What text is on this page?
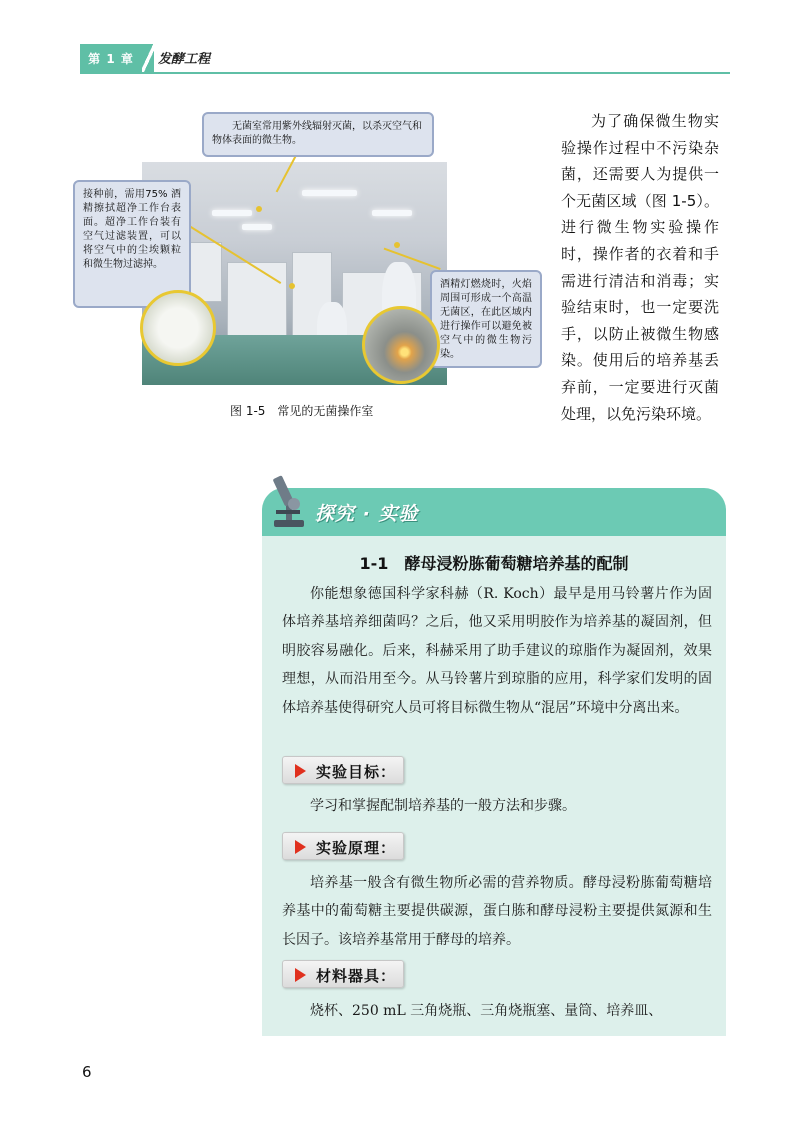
第 1 章	发酵工程
无菌室常用紫外线辐射灭菌，以杀灭空气和物体表面的微生物。
接种前，需用75% 酒精擦拭超净工作台表面。超净工作台装有空气过滤装置，可以将空气中的尘埃颗粒和微生物过滤掉。
酒精灯燃烧时，火焰周围可形成一个高温无菌区，在此区域内进行操作可以避免被空气中的微生物污染。
图 1-5　常见的无菌操作室
为了确保微生物实验操作过程中不污染杂菌，还需要人为提供一个无菌区域（图 1-5）。进行微生物实验操作时，操作者的衣着和手需进行清洁和消毒；实验结束时，也一定要洗手，以防止被微生物感染。使用后的培养基丢弃前，一定要进行灭菌处理，以免污染环境。
探究 · 实验
1-1　酵母浸粉胨葡萄糖培养基的配制
你能想象德国科学家科赫（R. Koch）最早是用马铃薯片作为固体培养基培养细菌吗？之后，他又采用明胶作为培养基的凝固剂，但明胶容易融化。后来，科赫采用了助手建议的琼脂作为凝固剂，效果理想，从而沿用至今。从马铃薯片到琼脂的应用，科学家们发明的固体培养基使得研究人员可将目标微生物从“混居”环境中分离出来。
实验目标：
学习和掌握配制培养基的一般方法和步骤。
实验原理：
培养基一般含有微生物所必需的营养物质。酵母浸粉胨葡萄糖培养基中的葡萄糖主要提供碳源，蛋白胨和酵母浸粉主要提供氮源和生长因子。该培养基常用于酵母的培养。
材料器具：
烧杯、250 mL 三角烧瓶、三角烧瓶塞、量筒、培养皿、
6
